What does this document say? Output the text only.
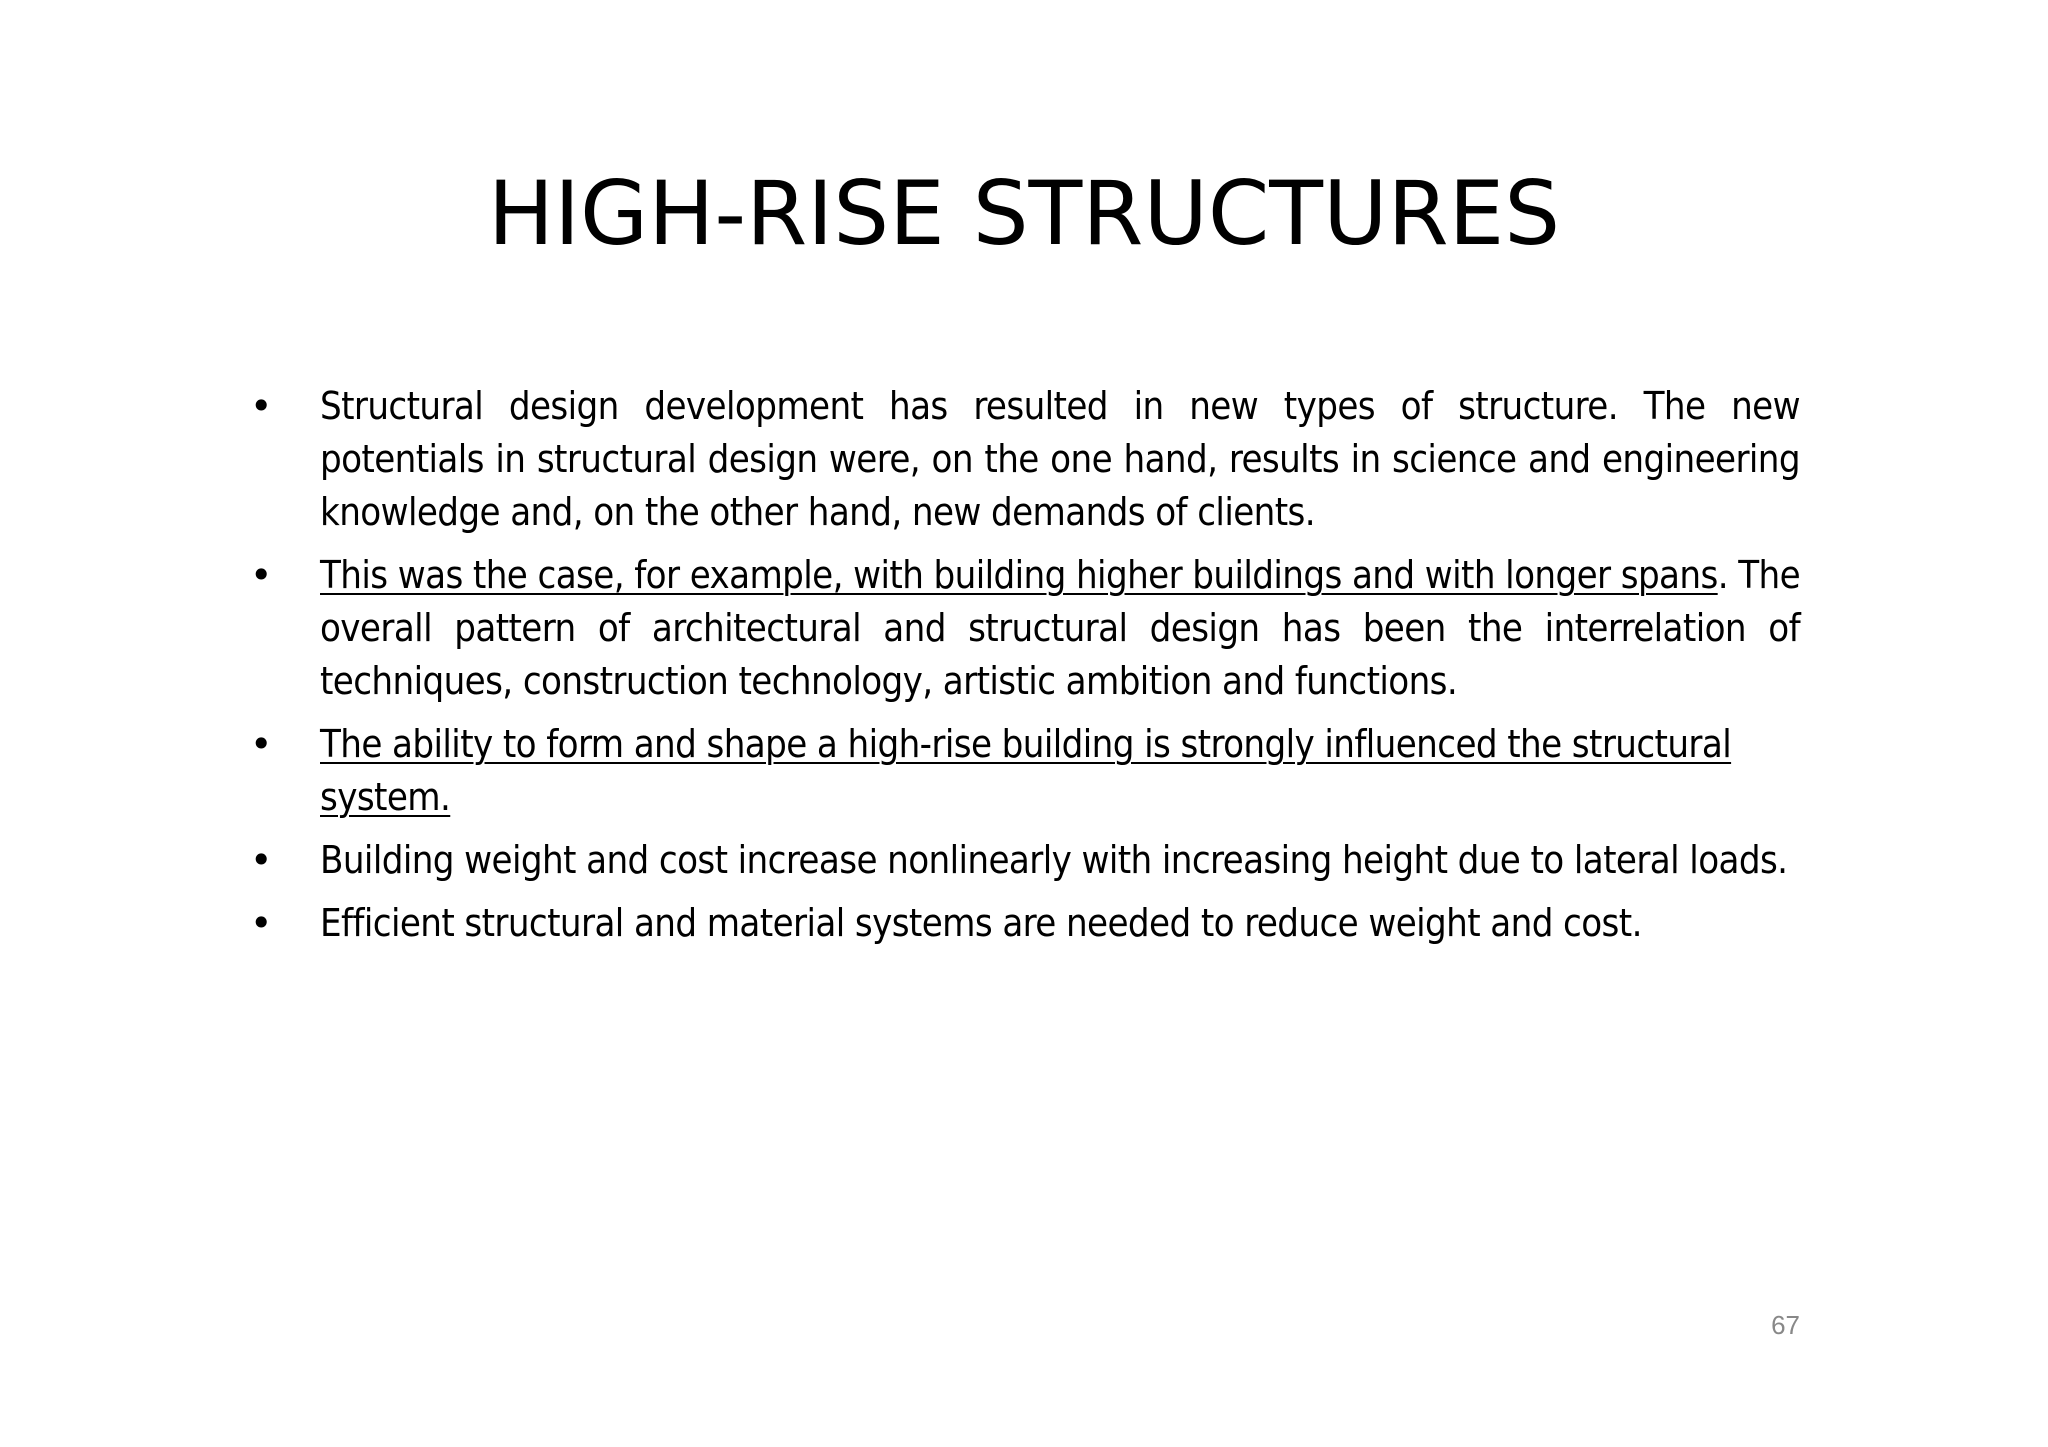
HIGH-RISE STRUCTURES
• Structural design development has resulted in new types of structure. The new potentials in structural design were, on the one hand, results in science and engineering knowledge and, on the other hand, new demands of clients.
• This was the case, for example, with building higher buildings and with longer spans. The overall pattern of architectural and structural design has been the interrelation of techniques, construction technology, artistic ambition and functions.
• The ability to form and shape a high-rise building is strongly influenced the structural system.
• Building weight and cost increase nonlinearly with increasing height due to lateral loads.
• Efficient structural and material systems are needed to reduce weight and cost.
67
